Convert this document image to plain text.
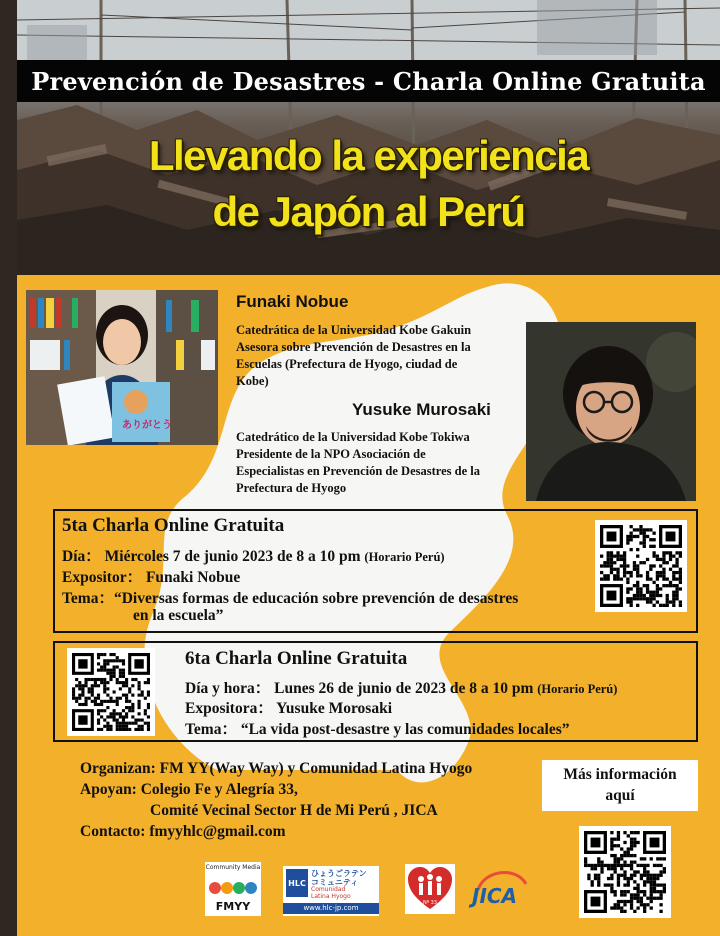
Prevención de Desastres - Charla Online Gratuita
Llevando la experiencia
de Japón al Perú
ありがとう
Funaki Nobue
Catedrática de la Universidad Kobe Gakuin
Asesora sobre Prevención de Desastres en la
Escuelas (Prefectura de Hyogo, ciudad de
Kobe)
Yusuke Murosaki
Catedrático de la Universidad Kobe Tokiwa
Presidente de la NPO Asociación de
Especialistas en Prevención de Desastres de la
Prefectura de Hyogo
5ta Charla Online Gratuita
Día： Miércoles 7 de junio 2023 de 8 a 10 pm (Horario Perú)
Expositor： Funaki Nobue
Tema：“Diversas formas de educación sobre prevención de desastres
en la escuela”
6ta Charla Online Gratuita
Día y hora： Lunes 26 de junio de 2023 de 8 a 10 pm (Horario Perú)
Expositora： Yusuke Morosaki
Tema： “La vida post-desastre y las comunidades locales”
Organizan: FM YY(Way Way) y Comunidad Latina Hyogo
Apoyan: Colegio Fe y Alegría 33,
Comité Vecinal Sector H de Mi Perú , JICA
Contacto: fmyyhlc@gmail.com
Más información
aquí
Community Media
FMYY
HLC
ひょうごラテン
コミュニティ
Comunidad
Latina Hyogo
www.hlc-jp.com
Nº 33	JICA
